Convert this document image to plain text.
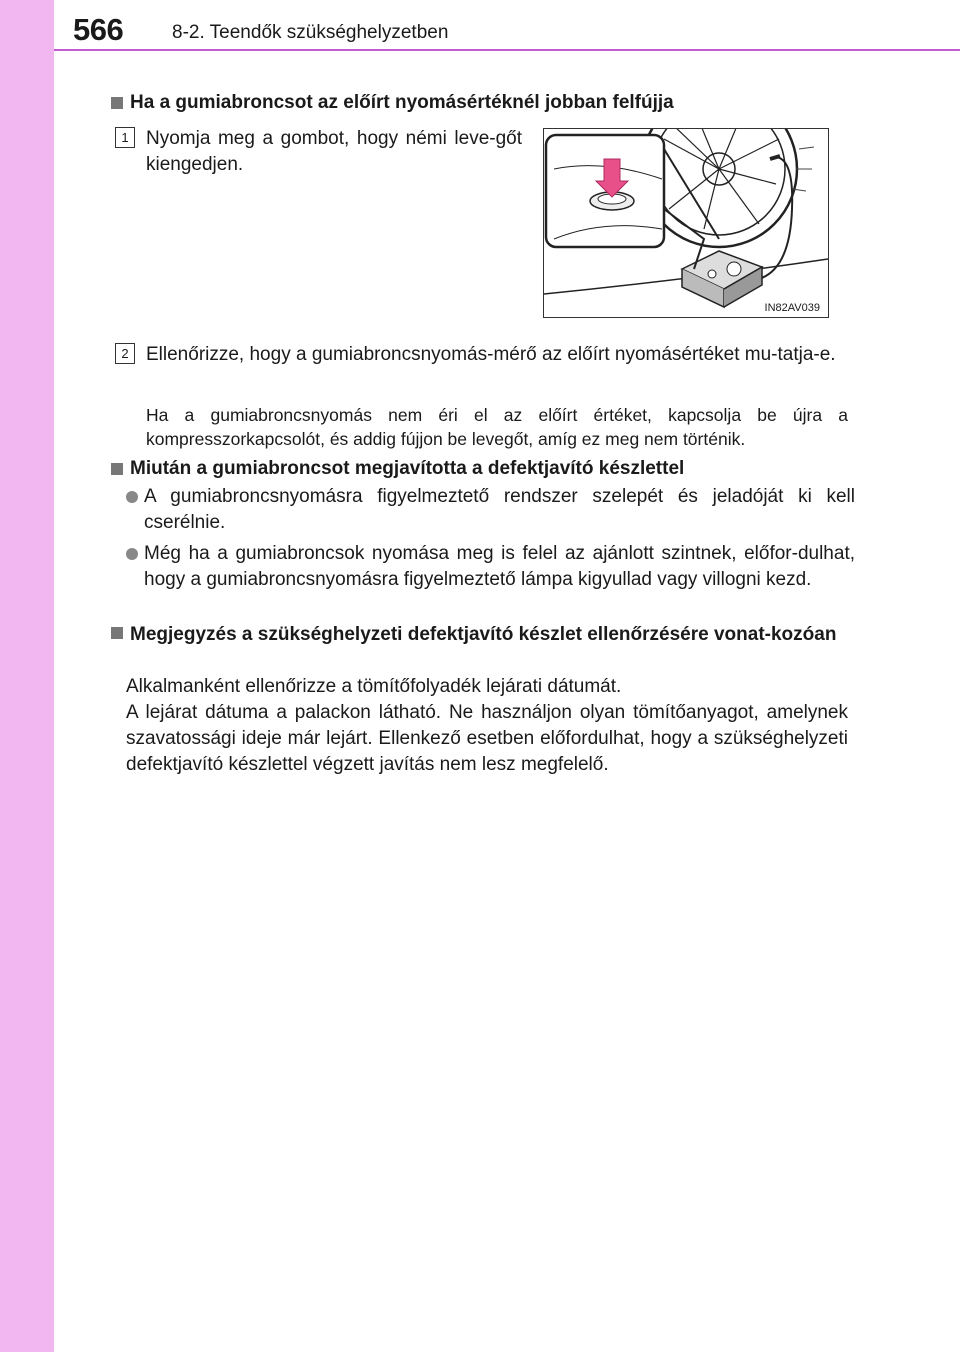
566	8-2. Teendők szükséghelyzetben
Ha a gumiabroncsot az előírt nyomásértéknél jobban felfújja
1 Nyomja meg a gombot, hogy némi leve-gőt kiengedjen.
IN82AV039
2 Ellenőrizze, hogy a gumiabroncsnyomás-mérő az előírt nyomásértéket mu-tatja-e.
Ha a gumiabroncsnyomás nem éri el az előírt értéket, kapcsolja be újra a kompresszorkapcsolót, és addig fújjon be levegőt, amíg ez meg nem történik.
Miután a gumiabroncsot megjavította a defektjavító készlettel
A gumiabroncsnyomásra figyelmeztető rendszer szelepét és jeladóját ki kell cserélnie.
Még ha a gumiabroncsok nyomása meg is felel az ajánlott szintnek, előfor-dulhat, hogy a gumiabroncsnyomásra figyelmeztető lámpa kigyullad vagy villogni kezd.
Megjegyzés a szükséghelyzeti defektjavító készlet ellenőrzésére vonat-kozóan
Alkalmanként ellenőrizze a tömítőfolyadék lejárati dátumát.
A lejárat dátuma a palackon látható. Ne használjon olyan tömítőanyagot, amelynek szavatossági ideje már lejárt. Ellenkező esetben előfordulhat, hogy a szükséghelyzeti defektjavító készlettel végzett javítás nem lesz megfelelő.
